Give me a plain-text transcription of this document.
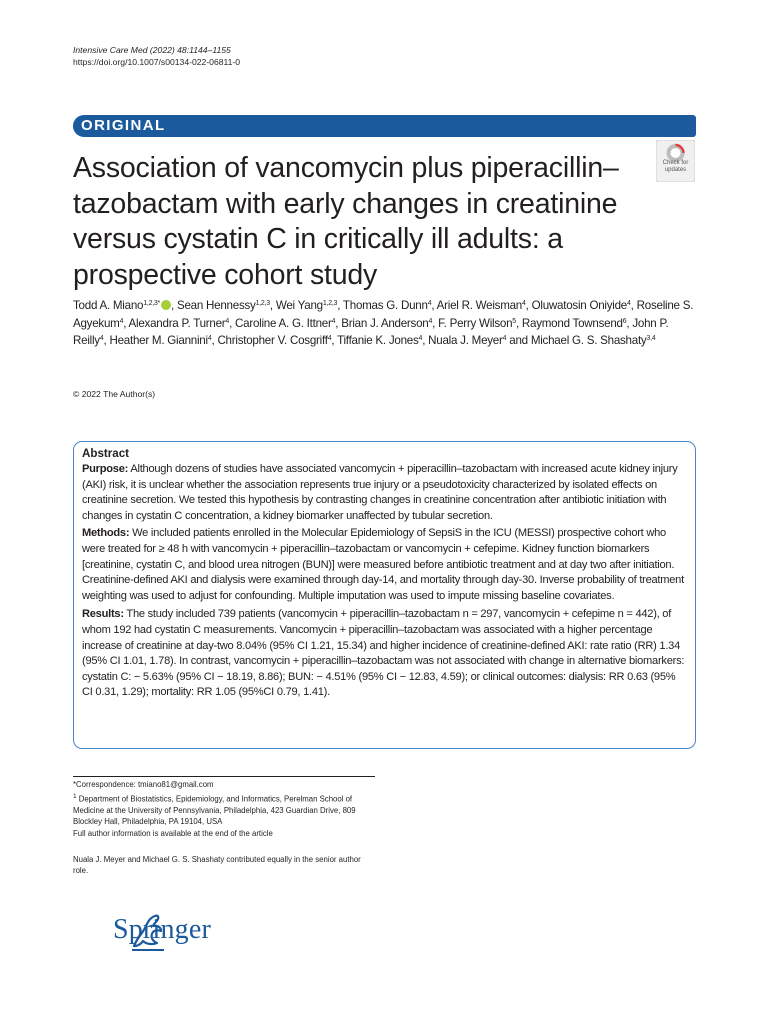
Intensive Care Med (2022) 48:1144–1155
https://doi.org/10.1007/s00134-022-06811-0
ORIGINAL
Association of vancomycin plus piperacillin–tazobactam with early changes in creatinine versus cystatin C in critically ill adults: a prospective cohort study
Check for updates
Todd A. Miano$^{1,2,3*}$ , Sean Hennessy$^{1,2,3}$, Wei Yang$^{1,2,3}$, Thomas G. Dunn$^4$, Ariel R. Weisman$^4$, Oluwatosin Oniyide$^4$, Roseline S. Agyekum$^4$, Alexandra P. Turner$^4$, Caroline A. G. Ittner$^4$, Brian J. Anderson$^4$, F. Perry Wilson$^5$, Raymond Townsend$^6$, John P. Reilly$^4$, Heather M. Giannini$^4$, Christopher V. Cosgriff$^4$, Tiffanie K. Jones$^4$, Nuala J. Meyer$^4$ and Michael G. S. Shashaty$^{3,4}$
© 2022 The Author(s)
Abstract

Purpose: Although dozens of studies have associated vancomycin + piperacillin–tazobactam with increased acute kidney injury (AKI) risk, it is unclear whether the association represents true injury or a pseudotoxicity characterized by isolated effects on creatinine secretion. We tested this hypothesis by contrasting changes in creatinine concentration after antibiotic initiation with changes in cystatin C concentration, a kidney biomarker unaffected by tubular secretion.

Methods: We included patients enrolled in the Molecular Epidemiology of SepsiS in the ICU (MESSI) prospective cohort who were treated for ≥ 48 h with vancomycin + piperacillin–tazobactam or vancomycin + cefepime. Kidney function biomarkers [creatinine, cystatin C, and blood urea nitrogen (BUN)] were measured before antibiotic treatment and at day two after initiation. Creatinine-defined AKI and dialysis were examined through day-14, and mortality through day-30. Inverse probability of treatment weighting was used to adjust for confounding. Multiple imputation was used to impute missing baseline covariates.

Results: The study included 739 patients (vancomycin + piperacillin–tazobactam n = 297, vancomycin + cefepime n = 442), of whom 192 had cystatin C measurements. Vancomycin + piperacillin–tazobactam was associated with a higher percentage increase of creatinine at day-two 8.04% (95% CI 1.21, 15.34) and higher incidence of creatinine-defined AKI: rate ratio (RR) 1.34 (95% CI 1.01, 1.78). In contrast, vancomycin + piperacillin–tazobactam was not associated with change in alternative biomarkers: cystatin C: − 5.63% (95% CI − 18.19, 8.86); BUN: − 4.51% (95% CI − 12.83, 4.59); or clinical outcomes: dialysis: RR 0.63 (95% CI 0.31, 1.29); mortality: RR 1.05 (95%CI 0.79, 1.41).

*Correspondence: tmiano81@gmail.com

$^1$ Department of Biostatistics, Epidemiology, and Informatics, Perelman School of Medicine at the University of Pennsylvania, Philadelphia, 423 Guardian Drive, 809 Blockley Hall, Philadelphia, PA 19104, USA

Full author information is available at the end of the article

Nuala J. Meyer and Michael G. S. Shashaty contributed equally in the senior author role.

Springer
